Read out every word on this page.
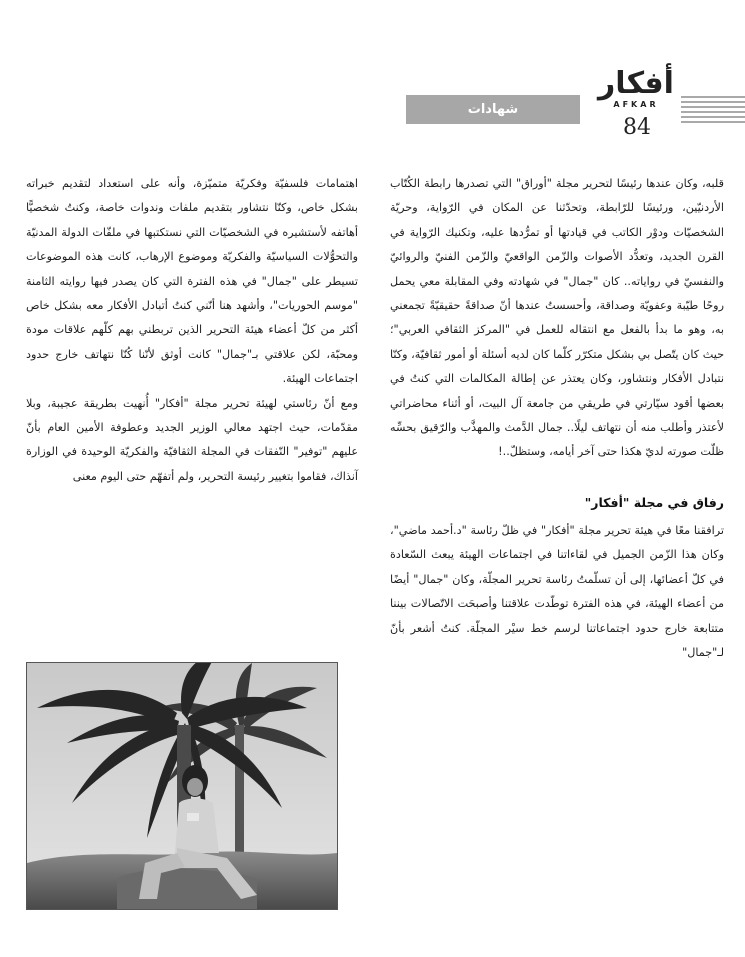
أفكار
AFKAR
84
شهادات

قلبه، وكان عندها رئيسًا لتحرير مجلة "أوراق" التي تصدرها رابطة الكُتّاب الأردنيّين، ورئيسًا للرّابطة، وتحدّثنا عن المكان في الرّواية، وحريّة الشخصيّات ودوْر الكاتب في قيادتها أو تمرُّدها عليه، وتكنيك الرّواية في القرن الجديد، وتعدُّد الأصوات والزّمن الواقعيّ والزّمن الفنيّ والروائيّ والنفسيّ في رواياته.. كان "جمال" في شهادته وفي المقابلة معي يحمل روحًا طيّبة وعفويّة وصداقة، وأحسستُ عندها أنّ صداقةً حقيقيّةً تجمعني به، وهو ما بدأ بالفعل مع انتقاله للعمل في "المركز الثقافي العربي"؛ حيث كان يتّصل بي بشكل متكرّر كلّما كان لديه أسئلة أو أمور ثقافيّة، وكنّا نتبادل الأفكار ونتشاور، وكان يعتذر عن إطالة المكالمات التي كنتُ في بعضها أقود سيّارتي في طريقي من جامعة آل البيت، أو أثناء محاضراتي لأعتذر وأطلب منه أن نتهاتف ليلًا.. جمال الدَّمث والمهذَّب والرّقيق بحسِّه ظلّت صورته لديّ هكذا حتى آخر أيامه، وستظلّ..!

رفاق في مجلة "أفكار"

ترافقنا معًا في هيئة تحرير مجلة "أفكار" في ظلّ رئاسة "د.أحمد ماضي"، وكان هذا الزّمن الجميل في لقاءاتنا في اجتماعات الهيئة يبعث السّعادة في كلّ أعضائها، إلى أن تسلّمتُ رئاسة تحرير المجلّة، وكان "جمال" أيضًا من أعضاء الهيئة، في هذه الفترة توطّدت علاقتنا وأصبحَت الاتّصالات بيننا متتابعة خارج حدود اجتماعاتنا لرسم خط سيْر المجلّة. كنتُ أشعر بأنّ لـ"جمال"

اهتمامات فلسفيّة وفكريّة متميّزة، وأنه على استعداد لتقديم خبراته بشكل خاص، وكنّا نتشاور بتقديم ملفات وندوات خاصة، وكنتُ شخصيًّا أهاتفه لأستشيره في الشخصيّات التي نستكتبها في ملفّات الدولة المدنيّة والتحوُّلات السياسيّة والفكريّة وموضوع الإرهاب، كانت هذه الموضوعات تسيطر على "جمال" في هذه الفترة التي كان يصدر فيها روايته الثامنة "موسم الحوريات"، وأشهد هنا أنّني كنتُ أتبادل الأفكار معه بشكل خاص أكثر من كلّ أعضاء هيئة التحرير الذين تربطني بهم كلّهم علاقات مودة ومحبّة، لكن علاقتي بـ"جمال" كانت أوثق لأنّنا كُنّا نتهاتف خارج حدود اجتماعات الهيئة.

ومع أنّ رئاستي لهيئة تحرير مجلة "أفكار" أُنهيت بطريقة عجيبة، وبلا مقدّمات، حيث اجتهد معالي الوزير الجديد وعطوفة الأمين العام بأنّ عليهم "توفير" النّفقات في المجلة الثقافيّة والفكريّة الوحيدة في الوزارة آنذاك، فقاموا بتغيير رئيسة التحرير، ولم أتفهّم حتى اليوم معنى
